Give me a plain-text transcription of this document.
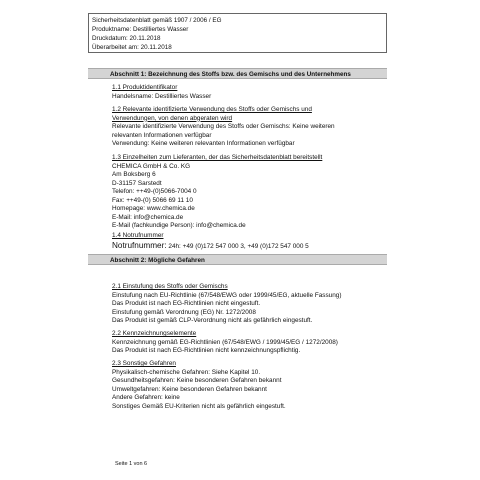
Sicherheitsdatenblatt gemäß 1907 / 2006 / EG
Produktname: Destilliertes Wasser
Druckdatum: 20.11.2018
Überarbeitet am: 20.11.2018
Abschnitt 1: Bezeichnung des Stoffs bzw. des Gemischs und des Unternehmens
1.1 Produktidentifikator
Handelsname: Destilliertes Wasser
1.2 Relevante identifizierte Verwendung des Stoffs oder Gemischs und
Verwendungen, von denen abgeraten wird
Relevante identifizierte Verwendung des Stoffs oder Gemischs: Keine weiteren
relevanten Informationen verfügbar
Verwendung: Keine weiteren relevanten Informationen verfügbar
1.3 Einzelheiten zum Lieferanten, der das Sicherheitsdatenblatt bereitstellt
CHEMICA GmbH & Co. KG
Am Boksberg 6
D-31157 Sarstedt
Telefon: ++49-(0)5066-7004 0
Fax: ++49-(0) 5066 69 11 10
Homepage: www.chemica.de
E-Mail: info@chemica.de
E-Mail (fachkundige Person): info@chemica.de
1.4 Notrufnummer
Notrufnummer: 24h: +49 (0)172 547 000 3, +49 (0)172 547 000 5
Abschnitt 2: Mögliche Gefahren
2.1 Einstufung des Stoffs oder Gemischs
Einstufung nach EU-Richtlinie (67/548/EWG oder 1999/45/EG, aktuelle Fassung)
Das Produkt ist nach EG-Richtlinien nicht eingestuft.
Einstufung gemäß Verordnung (EG) Nr. 1272/2008
Das Produkt ist gemäß CLP-Verordnung nicht als gefährlich eingestuft.
2.2 Kennzeichnungselemente
Kennzeichnung gemäß EG-Richtlinien (67/548/EWG / 1999/45/EG / 1272/2008)
Das Produkt ist nach EG-Richtlinien nicht kennzeichnungspflichtig.
2.3 Sonstige Gefahren
Physikalisch-chemische Gefahren: Siehe Kapitel 10.
Gesundheitsgefahren: Keine besonderen Gefahren bekannt
Umweltgefahren: Keine besonderen Gefahren bekannt
Andere Gefahren: keine
Sonstiges Gemäß EU-Kriterien nicht als gefährlich eingestuft.
Seite 1 von 6
